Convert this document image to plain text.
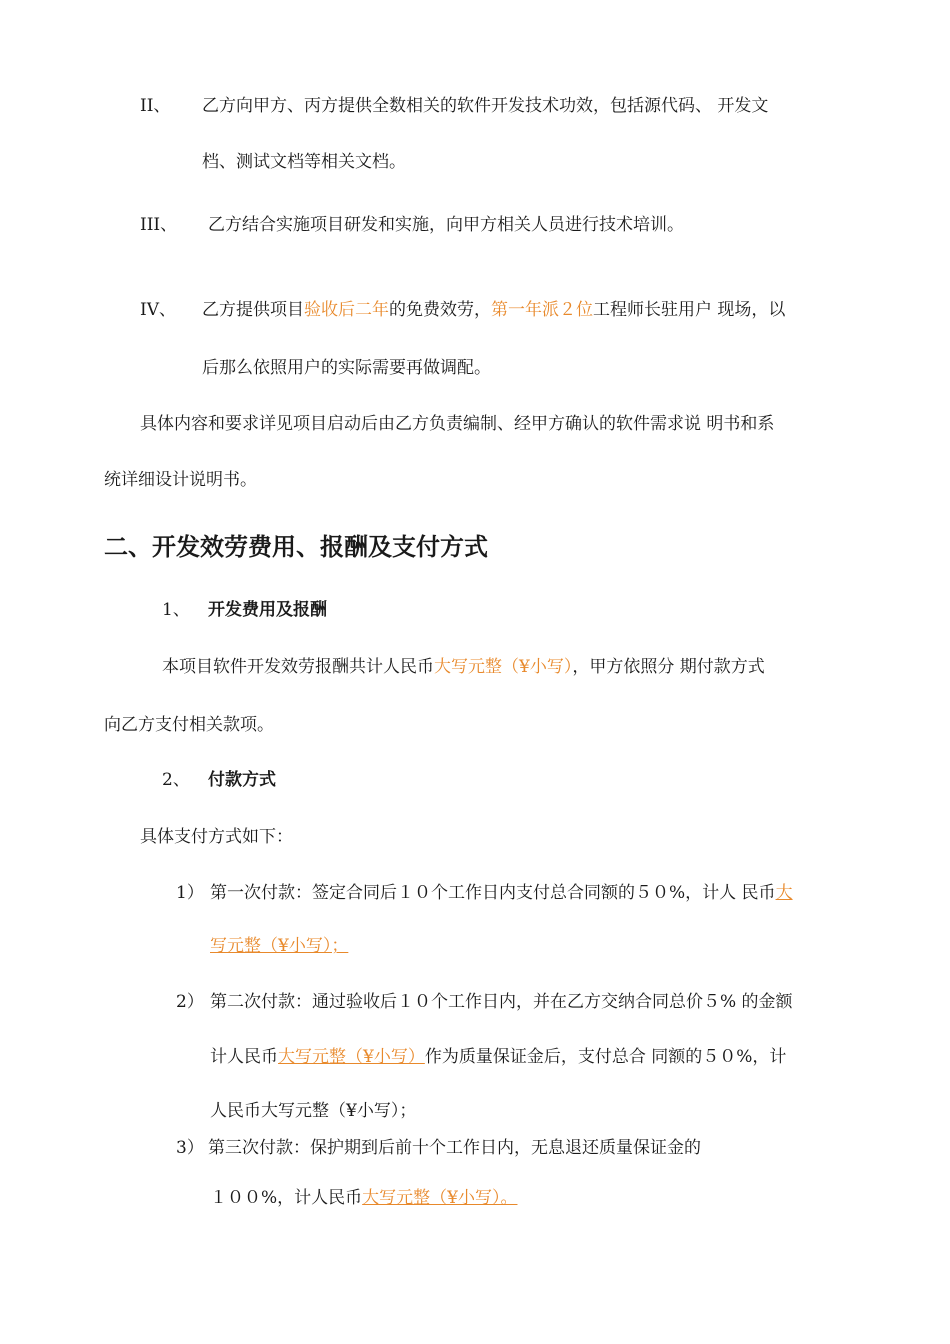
II、 乙方向甲方、丙方提供全数相关的软件开发技术功效，包括源代码、 开发文
档、测试文档等相关文档。
III、 乙方结合实施项目研发和实施，向甲方相关人员进行技术培训。
IV、 乙方提供项目验收后二年的免费效劳，第一年派２位工程师长驻用户 现场，以
后那么依照用户的实际需要再做调配。
具体内容和要求详见项目启动后由乙方负责编制、经甲方确认的软件需求说 明书和系
统详细设计说明书。
二、开发效劳费用、报酬及支付方式
1、 开发费用及报酬
本项目软件开发效劳报酬共计人民币大写元整（¥小写），甲方依照分 期付款方式
向乙方支付相关款项。
2、 付款方式
具体支付方式如下：
1） 第一次付款：签定合同后１０个工作日内支付总合同额的５０%，计人 民币大
写元整（¥小写）；
2） 第二次付款：通过验收后１０个工作日内，并在乙方交纳合同总价５% 的金额
计人民币大写元整（¥小写）作为质量保证金后，支付总合 同额的５０%，计
人民币大写元整（¥小写）；
3） 第三次付款：保护期到后前十个工作日内，无息退还质量保证金的
１００%，计人民币大写元整（¥小写）。
